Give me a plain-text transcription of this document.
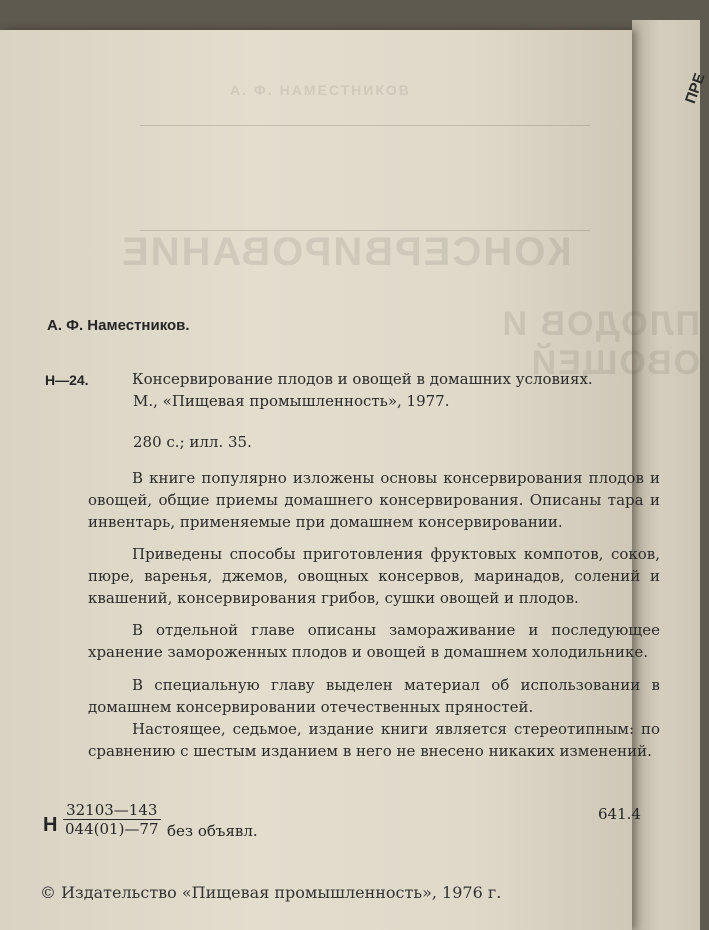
ПРЕ
А. Ф. НАМЕСТНИКОВ
КОНСЕРВИРОВАНИЕ
ПЛОДОВ И ОВОЩЕЙ
А. Ф. Наместников.
Н—24.	Консервирование плодов и овощей в домашних условиях.
М., «Пищевая промышленность», 1977.
280 с.; илл. 35.
В книге популярно изложены основы консервирования плодов и овощей, общие приемы домашнего консервирования. Описаны тара и инвентарь, применяемые при домашнем консервировании.
Приведены способы приготовления фруктовых компотов, соков, пюре, варенья, джемов, овощных консервов, маринадов, солений и квашений, консервирования грибов, сушки овощей и плодов.
В отдельной главе описаны замораживание и последующее хранение замороженных плодов и овощей в домашнем холодильнике.
В специальную главу выделен материал об использовании в домашнем консервировании отечественных пряностей.
Настоящее, седьмое, издание книги является стереотипным: по сравнению с шестым изданием в него не внесено никаких изменений.
Н $\frac{32103—143}{044(01)—77}$ без объявл.
641.4
© Издательство «Пищевая промышленность», 1976 г.
